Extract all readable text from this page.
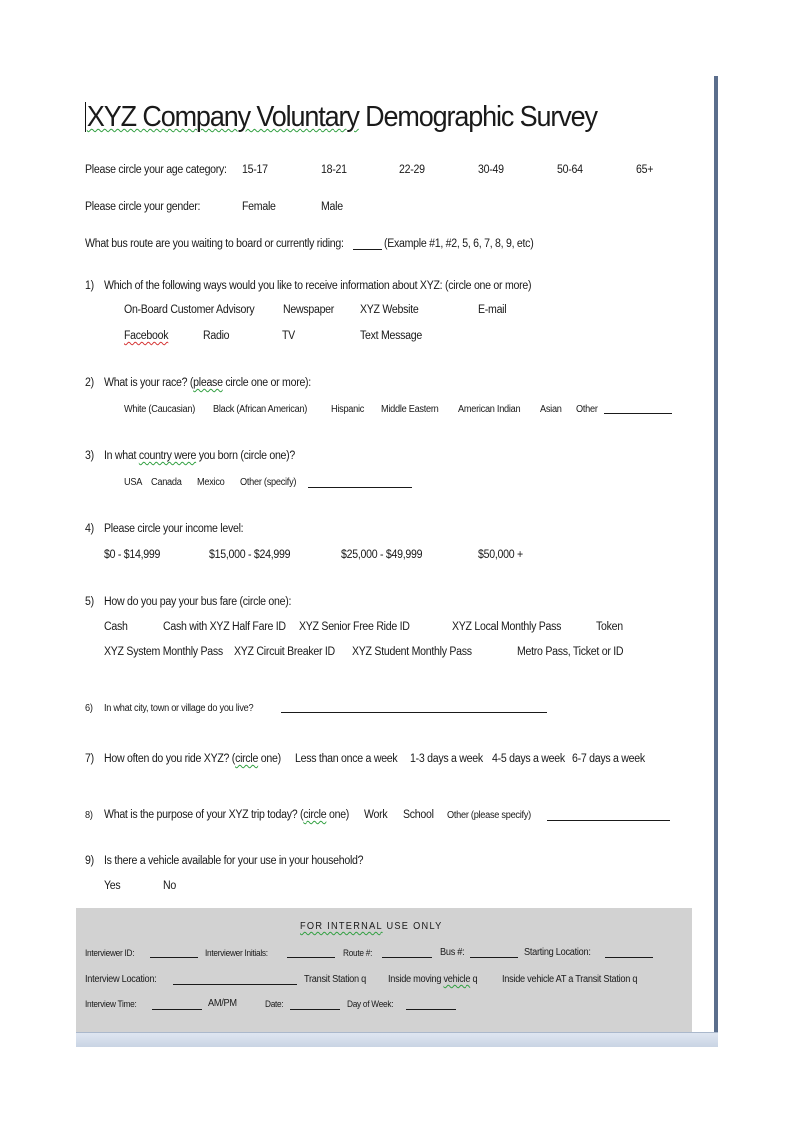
XYZ Company Voluntary Demographic Survey
Please circle your age category: 15-17	18-21	22-29	30-49	50-64	65+
Please circle your gender:	Female	Male
What bus route are you waiting to board or currently riding:	(Example #1, #2, 5, 6, 7, 8, 9, etc)
1) Which of the following ways would you like to receive information about XYZ: (circle one or more)
On-Board Customer Advisory Newspaper XYZ Website	E-mail
Facebook	Radio	TV	Text Message
2) What is your race? (please circle one or more):
White (Caucasian) Black (African American) Hispanic Middle Eastern American Indian Asian Other
3) In what country were you born (circle one)?
USA Canada Mexico Other (specify)
4) Please circle your income level:
$0 - $14,999	$15,000 - $24,999	$25,000 - $49,999	$50,000 +
5) How do you pay your bus fare (circle one):
Cash	Cash with XYZ Half Fare ID XYZ Senior Free Ride ID	XYZ Local Monthly Pass	Token
XYZ System Monthly Pass XYZ Circuit Breaker ID XYZ Student Monthly Pass	Metro Pass, Ticket or ID
6) In what city, town or village do you live?
7) How often do you ride XYZ? (circle one) Less than once a week 1-3 days a week 4-5 days a week 6-7 days a week
8) What is the purpose of your XYZ trip today? (circle one) Work School Other (please specify)
9) Is there a vehicle available for your use in your household?
Yes	No
FOR INTERNAL USE ONLY
Interviewer ID:	Interviewer Initials:	Route #:	Bus #:	Starting Location:
Interview Location:	Transit Station q Inside moving vehicle q Inside vehicle AT a Transit Station q
Interview Time:	AM/PM	Date:	Day of Week:
